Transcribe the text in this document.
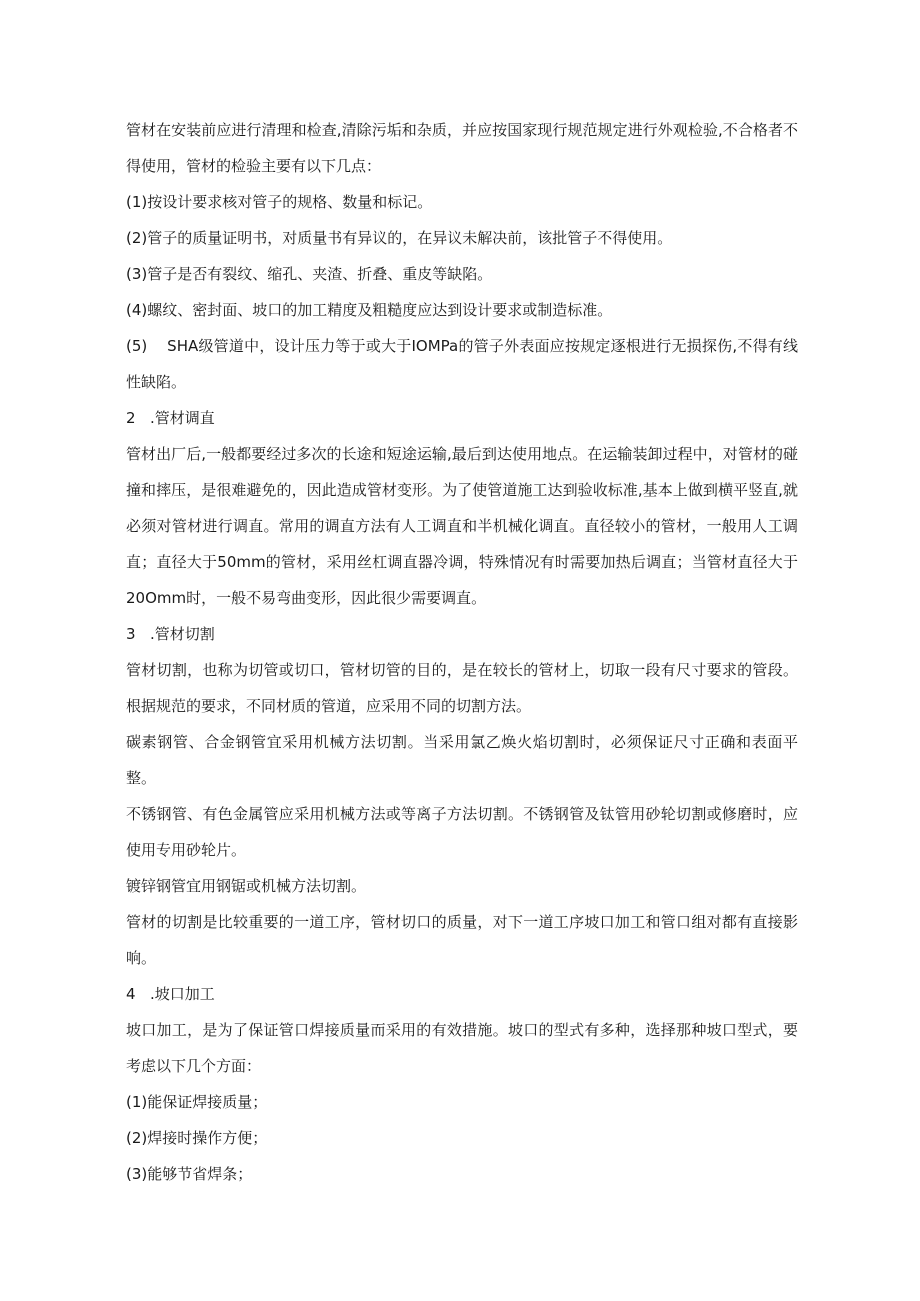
管材在安装前应进行清理和检查,清除污垢和杂质，并应按国家现行规范规定进行外观检验,不合格者不得使用，管材的检验主要有以下几点：

(1)按设计要求核对管子的规格、数量和标记。

(2)管子的质量证明书，对质量书有异议的，在异议未解决前，该批管子不得使用。

(3)管子是否有裂纹、缩孔、夹渣、折叠、重皮等缺陷。

(4)螺纹、密封面、坡口的加工精度及粗糙度应达到设计要求或制造标准。

(5)    SHA级管道中，设计压力等于或大于IOMPa的管子外表面应按规定逐根进行无损探伤,不得有线性缺陷。

2 .管材调直

管材出厂后,一般都要经过多次的长途和短途运输,最后到达使用地点。在运输装卸过程中，对管材的碰撞和摔压，是很难避免的，因此造成管材变形。为了使管道施工达到验收标准,基本上做到横平竖直,就必须对管材进行调直。常用的调直方法有人工调直和半机械化调直。直径较小的管材，一般用人工调直；直径大于50mm的管材，采用丝杠调直器冷调，特殊情况有时需要加热后调直；当管材直径大于20Omm时，一般不易弯曲变形，因此很少需要调直。

3 .管材切割

管材切割，也称为切管或切口，管材切管的目的，是在较长的管材上，切取一段有尺寸要求的管段。根据规范的要求，不同材质的管道，应采用不同的切割方法。

碳素钢管、合金钢管宜采用机械方法切割。当采用氯乙焕火焰切割时，必须保证尺寸正确和表面平整。

不锈钢管、有色金属管应采用机械方法或等离子方法切割。不锈钢管及钛管用砂轮切割或修磨时，应使用专用砂轮片。

镀锌钢管宜用钢锯或机械方法切割。

管材的切割是比较重要的一道工序，管材切口的质量，对下一道工序坡口加工和管口组对都有直接影响。

4 .坡口加工

坡口加工，是为了保证管口焊接质量而采用的有效措施。坡口的型式有多种，选择那种坡口型式，要考虑以下几个方面：

(1)能保证焊接质量；

(2)焊接时操作方便；

(3)能够节省焊条；
